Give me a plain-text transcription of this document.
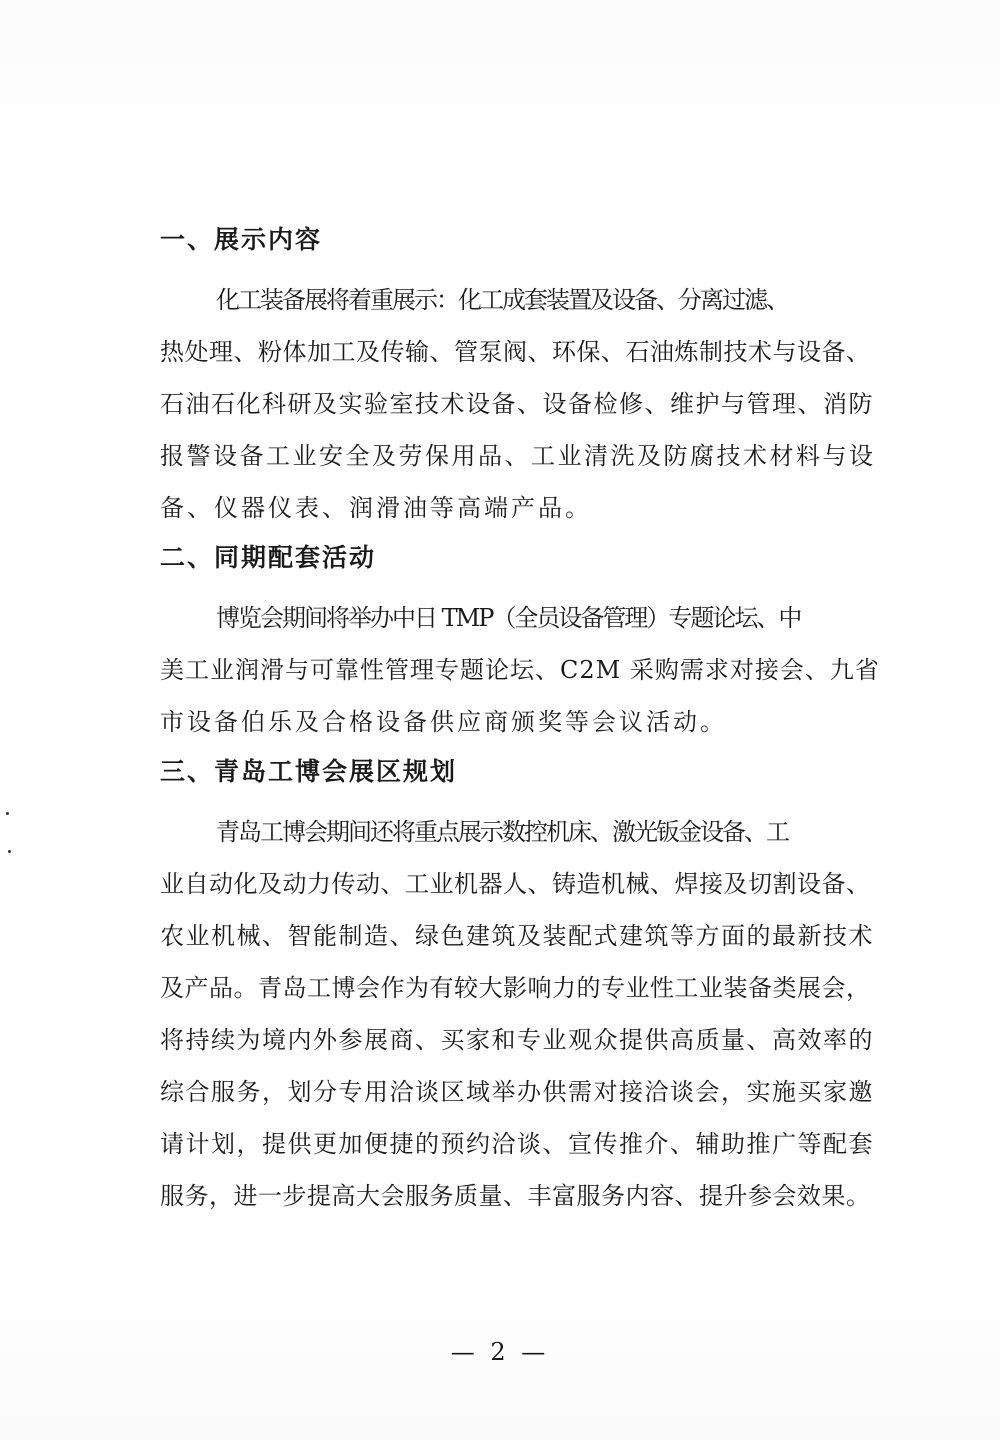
一、展示内容
化工装备展将着重展示：化工成套装置及设备、分离过滤、
热处理、粉体加工及传输、管泵阀、环保、石油炼制技术与设备、
石油石化科研及实验室技术设备、设备检修、维护与管理、消防
报警设备工业安全及劳保用品、工业清洗及防腐技术材料与设
备、仪器仪表、润滑油等高端产品。
二、同期配套活动
博览会期间将举办中日 TMP（全员设备管理）专题论坛、中
美工业润滑与可靠性管理专题论坛、C2M 采购需求对接会、九省
市设备伯乐及合格设备供应商颁奖等会议活动。
三、青岛工博会展区规划
青岛工博会期间还将重点展示数控机床、激光钣金设备、工
业自动化及动力传动、工业机器人、铸造机械、焊接及切割设备、
农业机械、智能制造、绿色建筑及装配式建筑等方面的最新技术
及产品。青岛工博会作为有较大影响力的专业性工业装备类展会，
将持续为境内外参展商、买家和专业观众提供高质量、高效率的
综合服务，划分专用洽谈区域举办供需对接洽谈会，实施买家邀
请计划，提供更加便捷的预约洽谈、宣传推介、辅助推广等配套
服务，进一步提高大会服务质量、丰富服务内容、提升参会效果。
— 2 —
